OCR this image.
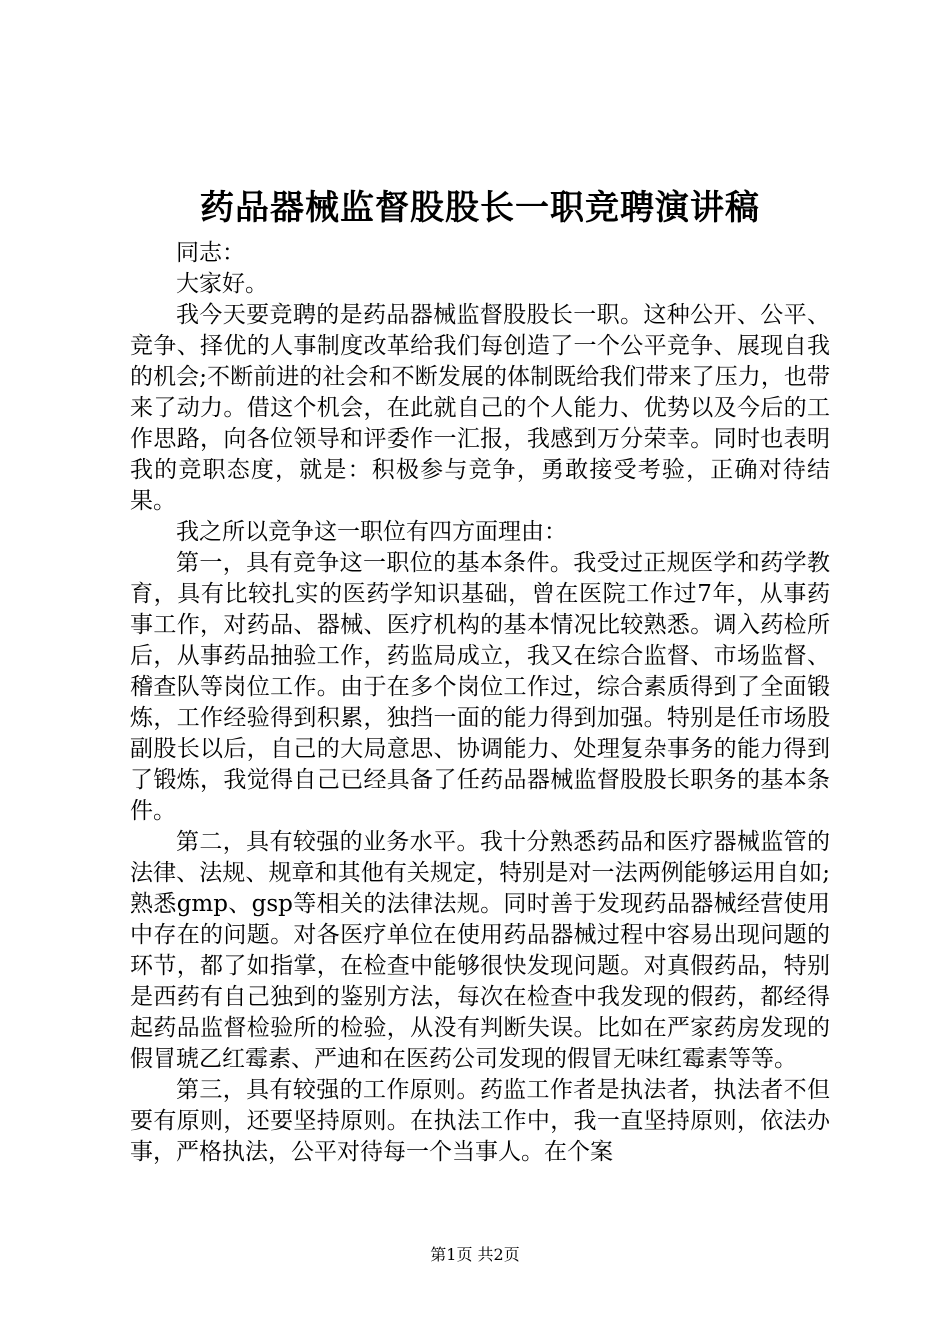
药品器械监督股股长一职竞聘演讲稿

同志：

大家好。

我今天要竞聘的是药品器械监督股股长一职。这种公开、公平、竞争、择优的人事制度改革给我们每创造了一个公平竞争、展现自我的机会;不断前进的社会和不断发展的体制既给我们带来了压力，也带来了动力。借这个机会，在此就自己的个人能力、优势以及今后的工作思路，向各位领导和评委作一汇报，我感到万分荣幸。同时也表明我的竞职态度，就是：积极参与竞争，勇敢接受考验，正确对待结果。

我之所以竞争这一职位有四方面理由：

第一，具有竞争这一职位的基本条件。我受过正规医学和药学教育，具有比较扎实的医药学知识基础，曾在医院工作过7年，从事药事工作，对药品、器械、医疗机构的基本情况比较熟悉。调入药检所后，从事药品抽验工作，药监局成立，我又在综合监督、市场监督、稽查队等岗位工作。由于在多个岗位工作过，综合素质得到了全面锻炼，工作经验得到积累，独挡一面的能力得到加强。特别是任市场股副股长以后，自己的大局意思、协调能力、处理复杂事务的能力得到了锻炼，我觉得自己已经具备了任药品器械监督股股长职务的基本条件。

第二，具有较强的业务水平。我十分熟悉药品和医疗器械监管的法律、法规、规章和其他有关规定，特别是对一法两例能够运用自如;熟悉gmp、gsp等相关的法律法规。同时善于发现药品器械经营使用中存在的问题。对各医疗单位在使用药品器械过程中容易出现问题的环节，都了如指掌，在检查中能够很快发现问题。对真假药品，特别是西药有自己独到的鉴别方法，每次在检查中我发现的假药，都经得起药品监督检验所的检验，从没有判断失误。比如在严家药房发现的假冒琥乙红霉素、严迪和在医药公司发现的假冒无味红霉素等等。

第三，具有较强的工作原则。药监工作者是执法者，执法者不但要有原则，还要坚持原则。在执法工作中，我一直坚持原则，依法办事，严格执法，公平对待每一个当事人。在个案

第1页 共2页
